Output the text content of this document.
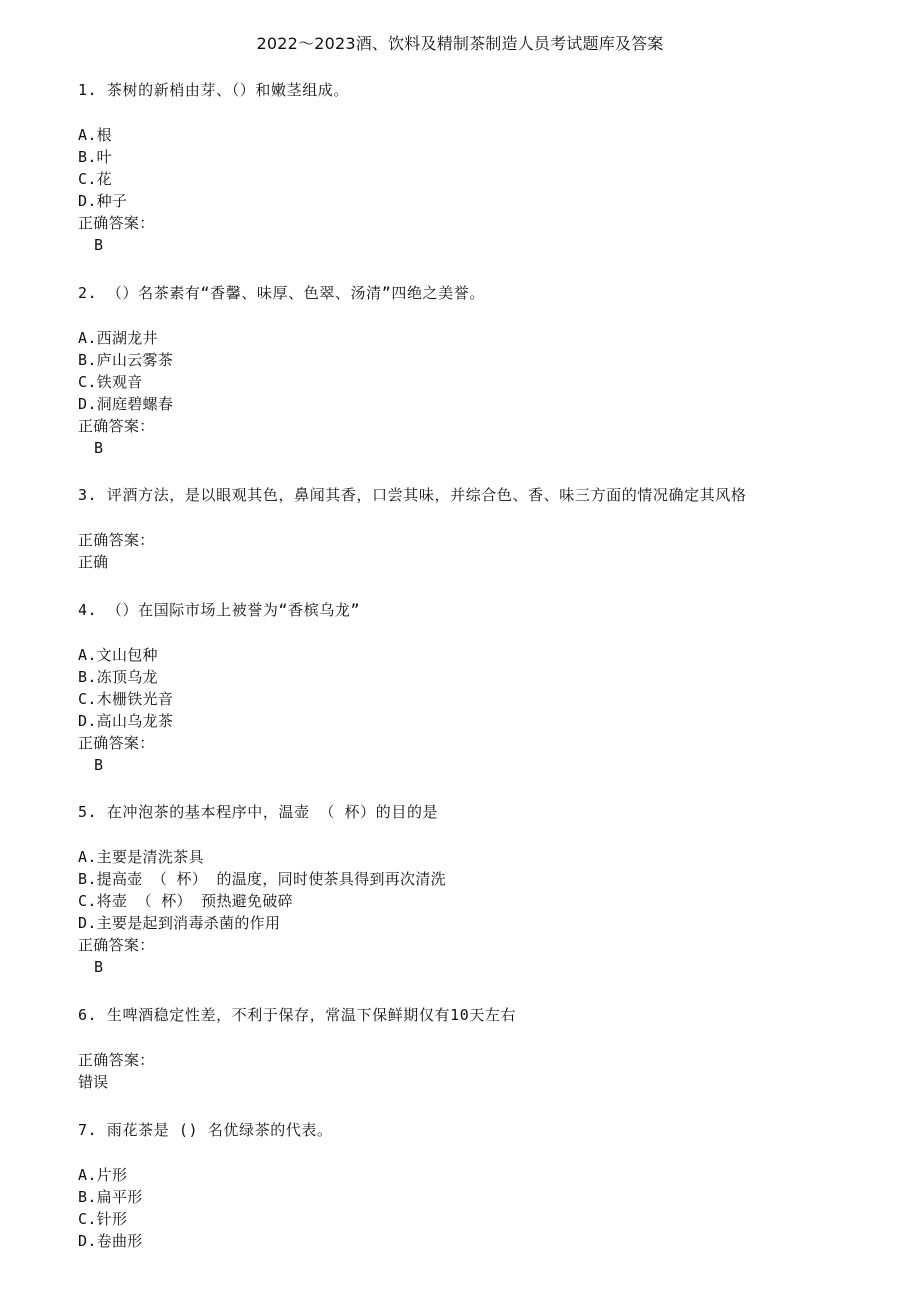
2022～2023酒、饮料及精制茶制造人员考试题库及答案
1. 茶树的新梢由芽、（）和嫩茎组成。
A.根
B.叶
C.花
D.种子
正确答案：
B
2. （）名茶素有“香馨、味厚、色翠、汤清”四绝之美誉。
A.西湖龙井
B.庐山云雾茶
C.铁观音
D.洞庭碧螺春
正确答案：
B
3. 评酒方法，是以眼观其色，鼻闻其香，口尝其味，并综合色、香、味三方面的情况确定其风格
正确答案：
正确
4. （）在国际市场上被誉为“香槟乌龙”
A.文山包种
B.冻顶乌龙
C.木栅铁光音
D.高山乌龙茶
正确答案：
B
5. 在冲泡茶的基本程序中，温壶 （ 杯）的目的是
A.主要是清洗茶具
B.提高壶 （ 杯） 的温度，同时使茶具得到再次清洗
C.将壶 （ 杯） 预热避免破碎
D.主要是起到消毒杀菌的作用
正确答案：
B
6. 生啤酒稳定性差，不利于保存，常温下保鲜期仅有10天左右
正确答案：
错误
7. 雨花茶是 () 名优绿茶的代表。
A.片形
B.扁平形
C.针形
D.卷曲形
